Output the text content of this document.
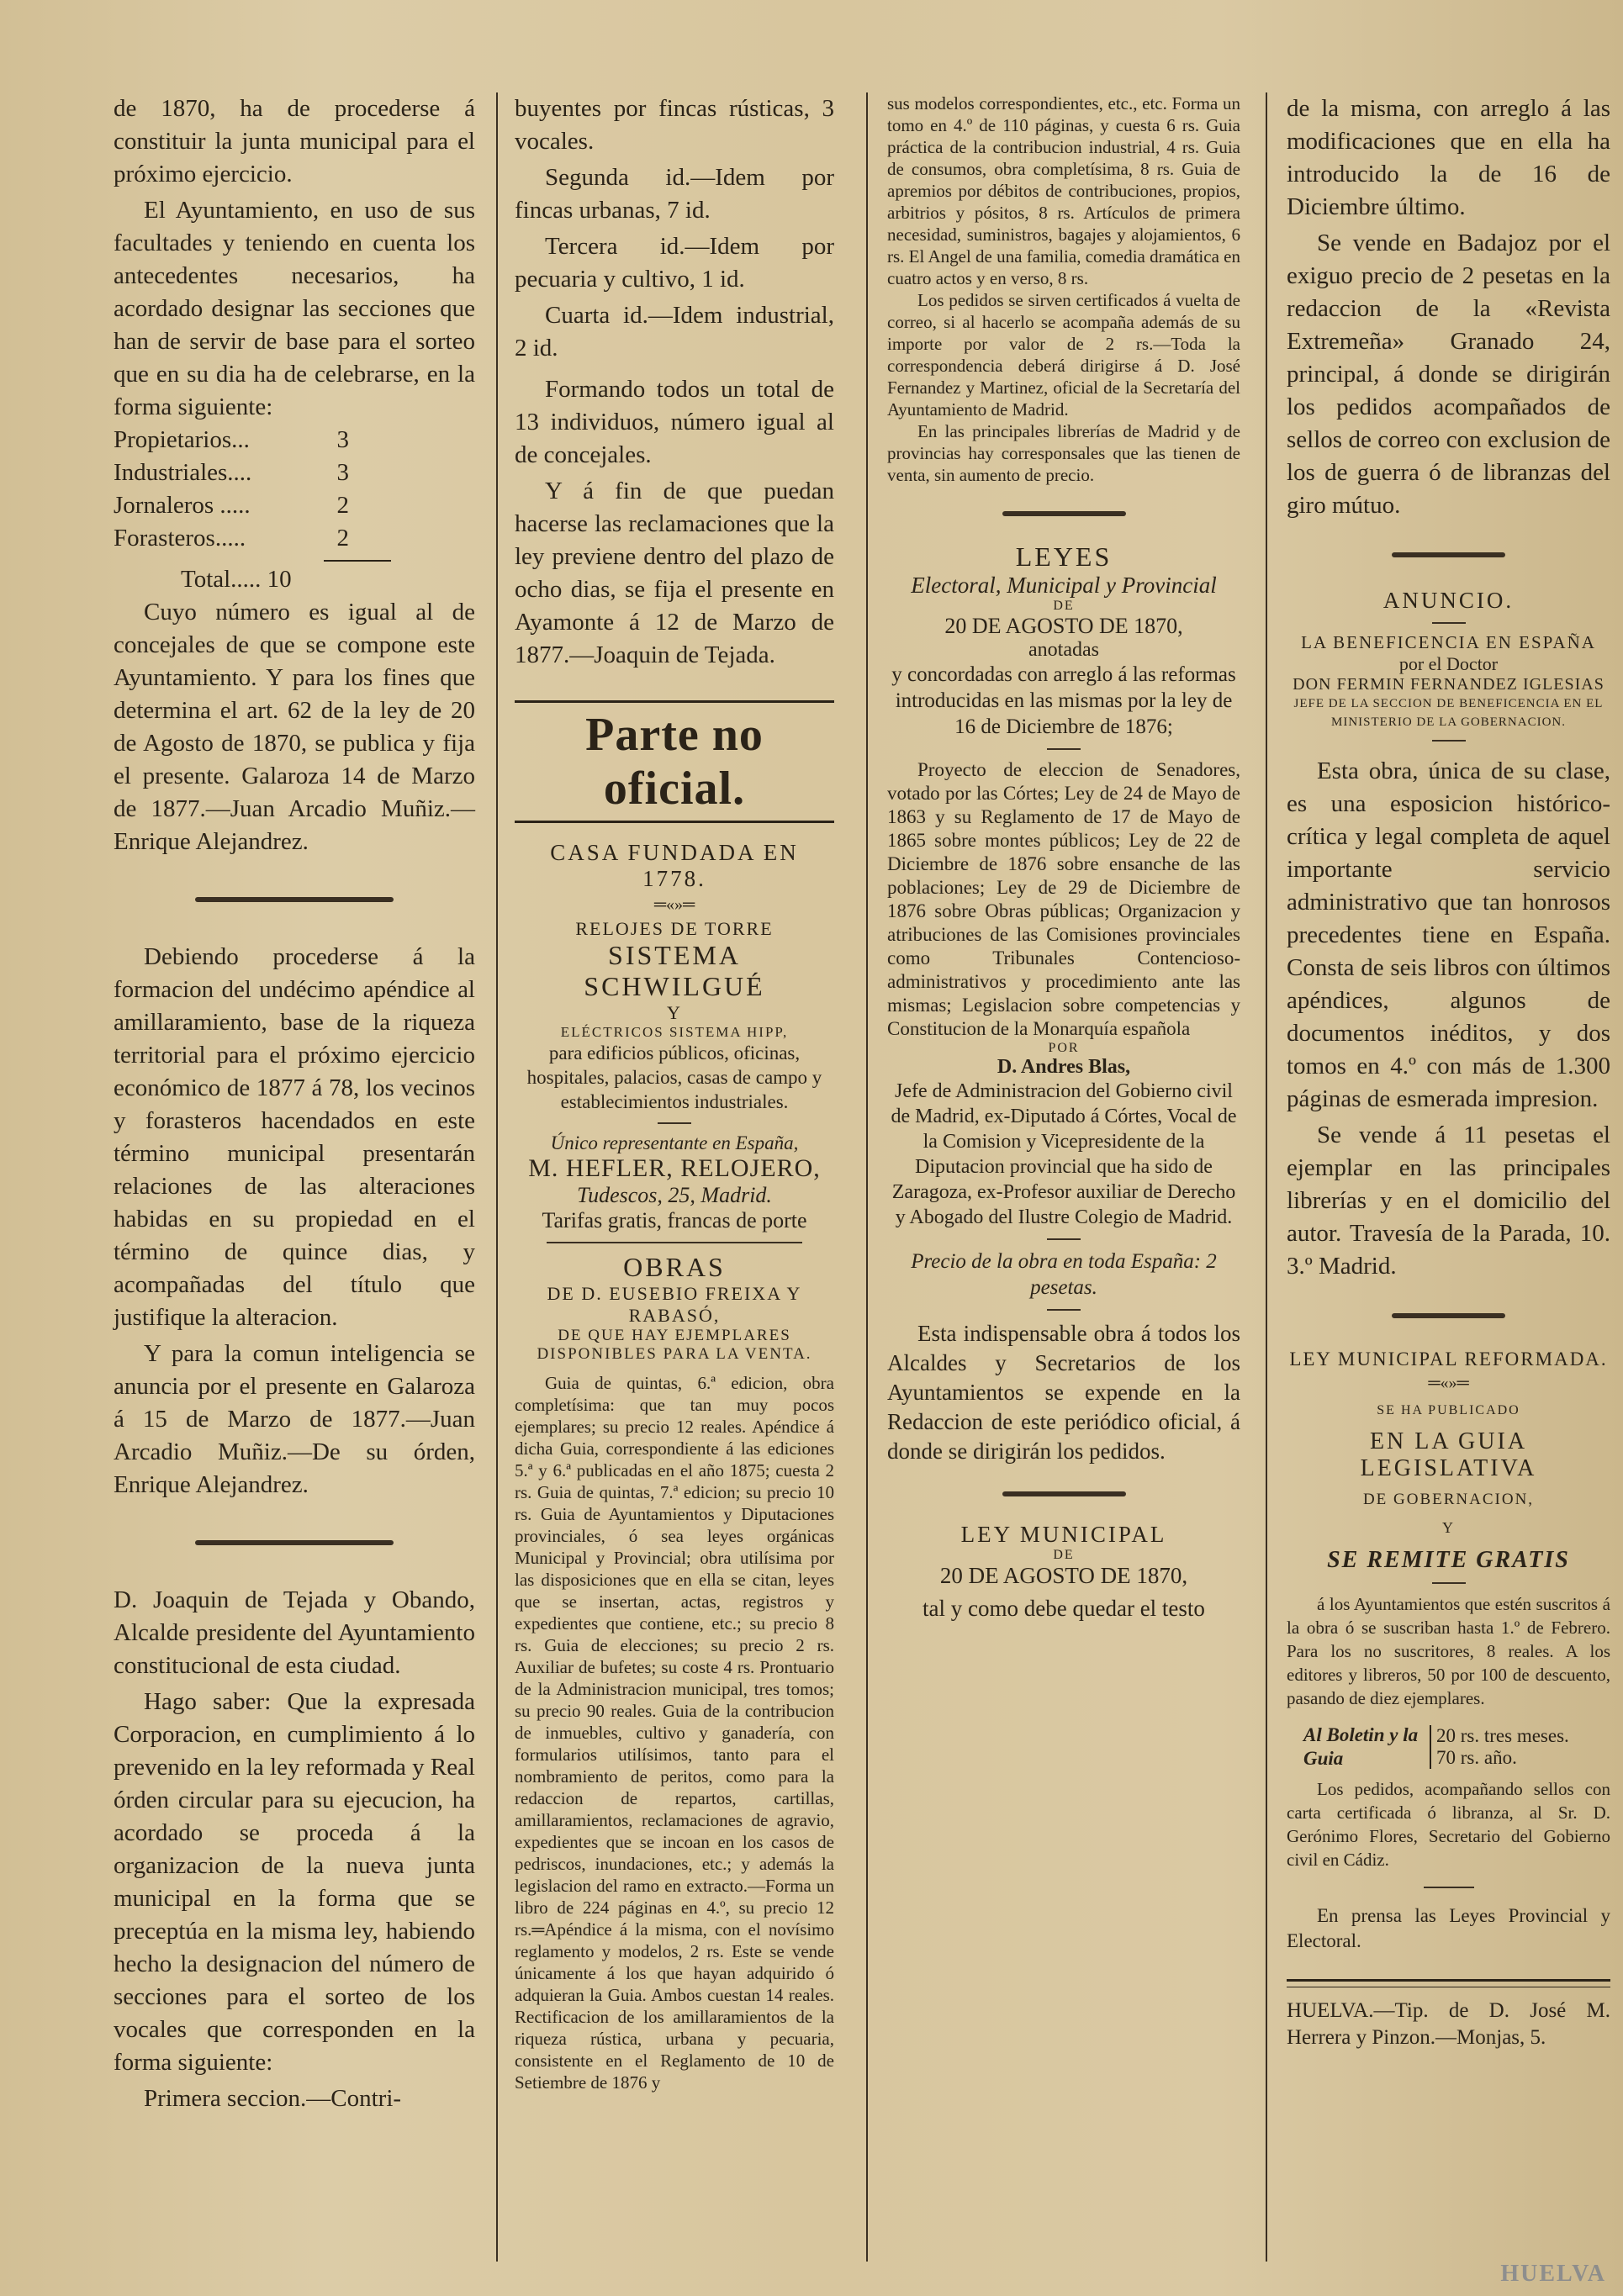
de 1870, ha de procederse á constituir la junta municipal para el próximo ejercicio.

El Ayuntamiento, en uso de sus facultades y teniendo en cuenta los antecedentes necesarios, ha acordado designar las secciones que han de servir de base para el sorteo que en su dia ha de celebrarse, en la forma siguiente:

Propietarios...	3
Industriales....	3
Jornaleros .....	2
Forasteros.....	2
Total..... 10

Cuyo número es igual al de concejales de que se compone este Ayuntamiento. Y para los fines que determina el art. 62 de la ley de 20 de Agosto de 1870, se publica y fija el presente. Galaroza 14 de Marzo de 1877.—Juan Arcadio Muñiz.—Enrique Alejandrez.

Debiendo procederse á la formacion del undécimo apéndice al amillaramiento, base de la riqueza territorial para el próximo ejercicio económico de 1877 á 78, los vecinos y forasteros hacendados en este término municipal presentarán relaciones de las alteraciones habidas en su propiedad en el término de quince dias, y acompañadas del título que justifique la alteracion.

Y para la comun inteligencia se anuncia por el presente en Galaroza á 15 de Marzo de 1877.—Juan Arcadio Muñiz.—De su órden, Enrique Alejandrez.

D. Joaquin de Tejada y Obando, Alcalde presidente del Ayuntamiento constitucional de esta ciudad.

Hago saber: Que la expresada Corporacion, en cumplimiento á lo prevenido en la ley reformada y Real órden circular para su ejecucion, ha acordado se proceda á la organizacion de la nueva junta municipal en la forma que se preceptúa en la misma ley, habiendo hecho la designacion del número de secciones para el sorteo de los vocales que corresponden en la forma siguiente:

Primera seccion.—Contri-

buyentes por fincas rústicas, 3 vocales.

Segunda id.—Idem por fincas urbanas, 7 id.

Tercera id.—Idem por pecuaria y cultivo, 1 id.

Cuarta id.—Idem industrial, 2 id.

Formando todos un total de 13 individuos, número igual al de concejales.

Y á fin de que puedan hacerse las reclamaciones que la ley previene dentro del plazo de ocho dias, se fija el presente en Ayamonte á 12 de Marzo de 1877.—Joaquin de Tejada.

Parte no oficial.
CASA FUNDADA EN 1778.
═«»═
RELOJES DE TORRE
SISTEMA SCHWILGUÉ
Y
ELÉCTRICOS SISTEMA HIPP,

para edificios públicos, oficinas, hospitales, palacios, casas de campo y establecimientos industriales.

Único representante en España,

M. HEFLER, RELOJERO,

Tudescos, 25, Madrid.

Tarifas gratis, francas de porte

OBRAS
DE D. EUSEBIO FREIXA Y RABASÓ,
DE QUE HAY EJEMPLARES DISPONIBLES PARA LA VENTA.

Guia de quintas, 6.ª edicion, obra completísima: que tan muy pocos ejemplares; su precio 12 reales. Apéndice á dicha Guia, correspondiente á las ediciones 5.ª y 6.ª publicadas en el año 1875; cuesta 2 rs. Guia de quintas, 7.ª edicion; su precio 10 rs. Guia de Ayuntamientos y Diputaciones provinciales, ó sea leyes orgánicas Municipal y Provincial; obra utilísima por las disposiciones que en ella se citan, leyes que se insertan, actas, registros y expedientes que contiene, etc.; su precio 8 rs. Guia de elecciones; su precio 2 rs. Auxiliar de bufetes; su coste 4 rs. Prontuario de la Administracion municipal, tres tomos; su precio 90 reales. Guia de la contribucion de inmuebles, cultivo y ganadería, con formularios utilísimos, tanto para el nombramiento de peritos, como para la redaccion de repartos, cartillas, amillaramientos, reclamaciones de agravio, expedientes que se incoan en los casos de pedriscos, inundaciones, etc.; y además la legislacion del ramo en extracto.—Forma un libro de 224 páginas en 4.º, su precio 12 rs.═Apéndice á la misma, con el novísimo reglamento y modelos, 2 rs. Este se vende únicamente á los que hayan adquirido ó adquieran la Guia. Ambos cuestan 14 reales. Rectificacion de los amillaramientos de la riqueza rústica, urbana y pecuaria, consistente en el Reglamento de 10 de Setiembre de 1876 y

sus modelos correspondientes, etc., etc. Forma un tomo en 4.º de 110 páginas, y cuesta 6 rs. Guia práctica de la contribucion industrial, 4 rs. Guia de consumos, obra completísima, 8 rs. Guia de apremios por débitos de contribuciones, propios, arbitrios y pósitos, 8 rs. Artículos de primera necesidad, suministros, bagajes y alojamientos, 6 rs. El Angel de una familia, comedia dramática en cuatro actos y en verso, 8 rs.

Los pedidos se sirven certificados á vuelta de correo, si al hacerlo se acompaña además de su importe por valor de 2 rs.—Toda la correspondencia deberá dirigirse á D. José Fernandez y Martinez, oficial de la Secretaría del Ayuntamiento de Madrid.

En las principales librerías de Madrid y de provincias hay corresponsales que las tienen de venta, sin aumento de precio.

LEYES

Electoral, Municipal y Provincial

DE

20 DE AGOSTO DE 1870,

anotadas

y concordadas con arreglo á las reformas introducidas en las mismas por la ley de 16 de Diciembre de 1876;

Proyecto de eleccion de Senadores, votado por las Córtes; Ley de 24 de Mayo de 1863 y su Reglamento de 17 de Mayo de 1865 sobre montes públicos; Ley de 22 de Diciembre de 1876 sobre ensanche de las poblaciones; Ley de 29 de Diciembre de 1876 sobre Obras públicas; Organizacion y atribuciones de las Comisiones provinciales como Tribunales Contencioso-administrativos y procedimiento ante las mismas; Legislacion sobre competencias y Constitucion de la Monarquía española

POR

D. Andres Blas,

Jefe de Administracion del Gobierno civil de Madrid, ex-Diputado á Córtes, Vocal de la Comision y Vicepresidente de la Diputacion provincial que ha sido de Zaragoza, ex-Profesor auxiliar de Derecho y Abogado del Ilustre Colegio de Madrid.

Precio de la obra en toda España: 2 pesetas.

Esta indispensable obra á todos los Alcaldes y Secretarios de los Ayuntamientos se expende en la Redaccion de este periódico oficial, á donde se dirigirán los pedidos.

LEY MUNICIPAL
DE

20 DE AGOSTO DE 1870,

tal y como debe quedar el testo

de la misma, con arreglo á las modificaciones que en ella ha introducido la de 16 de Diciembre último.

Se vende en Badajoz por el exiguo precio de 2 pesetas en la redaccion de la «Revista Extremeña» Granado 24, principal, á donde se dirigirán los pedidos acompañados de sellos de correo con exclusion de los de guerra ó de libranzas del giro mútuo.

ANUNCIO.
LA BENEFICENCIA EN ESPAÑA

por el Doctor

DON FERMIN FERNANDEZ IGLESIAS

JEFE DE LA SECCION DE BENEFICENCIA EN EL MINISTERIO DE LA GOBERNACION.

Esta obra, única de su clase, es una esposicion histórico-crítica y legal completa de aquel importante servicio administrativo que tan honrosos precedentes tiene en España. Consta de seis libros con últimos apéndices, algunos de documentos inéditos, y dos tomos en 4.º con más de 1.300 páginas de esmerada impresion.

Se vende á 11 pesetas el ejemplar en las principales librerías y en el domicilio del autor. Travesía de la Parada, 10. 3.º Madrid.

LEY MUNICIPAL REFORMADA.
═«»═
SE HA PUBLICADO
EN LA GUIA LEGISLATIVA
DE GOBERNACION,
Y

SE REMITE GRATIS

á los Ayuntamientos que estén suscritos á la obra ó se suscriban hasta 1.º de Febrero. Para los no suscritores, 8 reales. A los editores y libreros, 50 por 100 de descuento, pasando de diez ejemplares.

Al Boletin y la Guia
20 rs. tres meses.
70 rs. año.

Los pedidos, acompañando sellos con carta certificada ó libranza, al Sr. D. Gerónimo Flores, Secretario del Gobierno civil en Cádiz.

En prensa las Leyes Provincial y Electoral.

HUELVA.—Tip. de D. José M. Herrera y Pinzon.—Monjas, 5.

HUELVA
